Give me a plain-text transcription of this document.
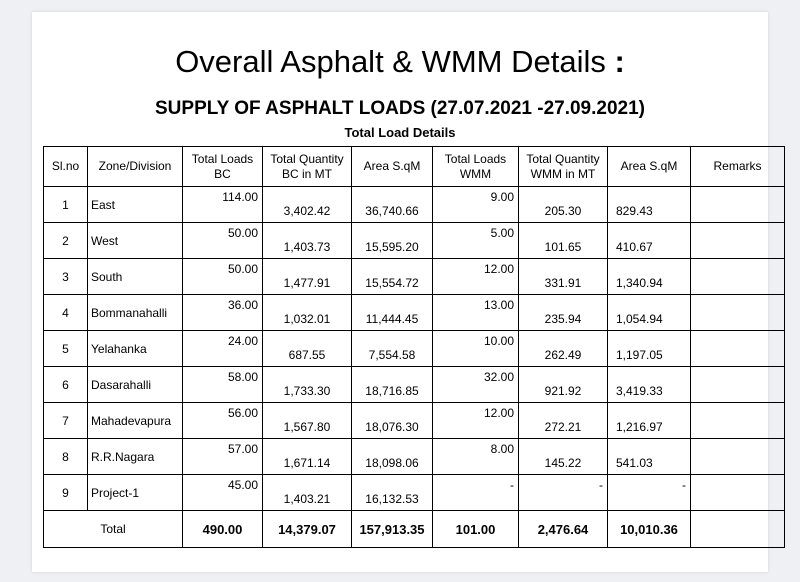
Overall Asphalt & WMM Details :
SUPPLY OF ASPHALT LOADS (27.07.2021 -27.09.2021)
Total Load Details
Sl.no	Zone/Division	Total Loads BC	Total Quantity BC in MT	Area S.qM	Total Loads WMM	Total Quantity WMM in MT	Area S.qM	Remarks
1	East	114.00	3,402.42	36,740.66	9.00	205.30	829.43	
2	West	50.00	1,403.73	15,595.20	5.00	101.65	410.67	
3	South	50.00	1,477.91	15,554.72	12.00	331.91	1,340.94	
4	Bommanahalli	36.00	1,032.01	11,444.45	13.00	235.94	1,054.94	
5	Yelahanka	24.00	687.55	7,554.58	10.00	262.49	1,197.05	
6	Dasarahalli	58.00	1,733.30	18,716.85	32.00	921.92	3,419.33	
7	Mahadevapura	56.00	1,567.80	18,076.30	12.00	272.21	1,216.97	
8	R.R.Nagara	57.00	1,671.14	18,098.06	8.00	145.22	541.03	
9	Project-1	45.00	1,403.21	16,132.53	-	-	-	
Total		490.00	14,379.07	157,913.35	101.00	2,476.64	10,010.36	
